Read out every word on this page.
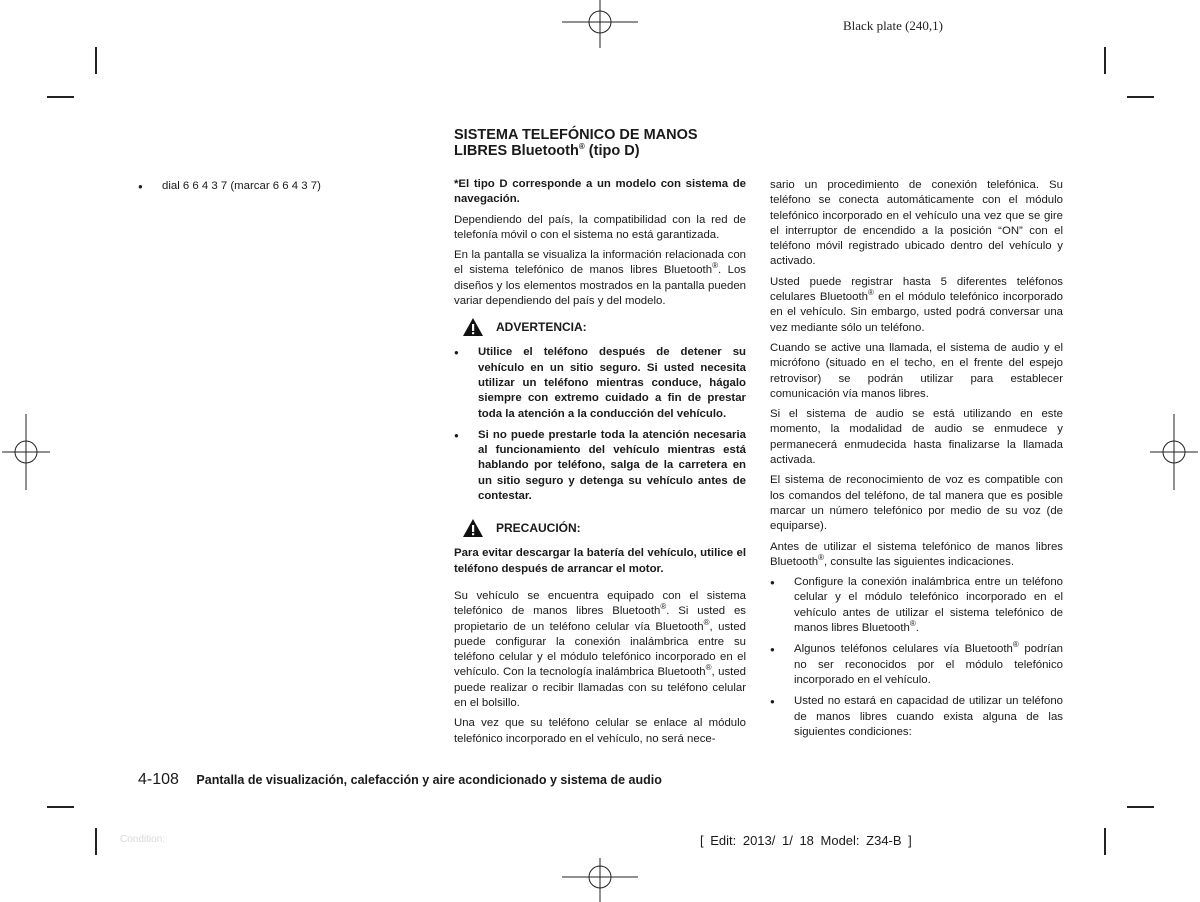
Black plate (240,1)
● dial 6 6 4 3 7 (marcar 6 6 4 3 7)
SISTEMA TELEFÓNICO DE MANOS
LIBRES Bluetooth® (tipo D)

*El tipo D corresponde a un modelo con sistema de navegación.

Dependiendo del país, la compatibilidad con la red de telefonía móvil o con el sistema no está garantizada.

En la pantalla se visualiza la información relacionada con el sistema telefónico de manos libres Bluetooth®. Los diseños y los elementos mostrados en la pantalla pueden variar dependiendo del país y del modelo.

ADVERTENCIA:
● Utilice el teléfono después de detener su vehículo en un sitio seguro. Si usted necesita utilizar un teléfono mientras conduce, hágalo siempre con extremo cuidado a fin de prestar toda la atención a la conducción del vehículo.
● Si no puede prestarle toda la atención necesaria al funcionamiento del vehículo mientras está hablando por teléfono, salga de la carretera en un sitio seguro y detenga su vehículo antes de contestar.
PRECAUCIÓN:

Para evitar descargar la batería del vehículo, utilice el teléfono después de arrancar el motor.

Su vehículo se encuentra equipado con el sistema telefónico de manos libres Bluetooth®. Si usted es propietario de un teléfono celular vía Bluetooth®, usted puede configurar la conexión inalámbrica entre su teléfono celular y el módulo telefónico incorporado en el vehículo. Con la tecnología inalámbrica Bluetooth®, usted puede realizar o recibir llamadas con su teléfono celular en el bolsillo.

Una vez que su teléfono celular se enlace al módulo telefónico incorporado en el vehículo, no será nece-

sario un procedimiento de conexión telefónica. Su teléfono se conecta automáticamente con el módulo telefónico incorporado en el vehículo una vez que se gire el interruptor de encendido a la posición “ON” con el teléfono móvil registrado ubicado dentro del vehículo y activado.

Usted puede registrar hasta 5 diferentes teléfonos celulares Bluetooth® en el módulo telefónico incorporado en el vehículo. Sin embargo, usted podrá conversar una vez mediante sólo un teléfono.

Cuando se active una llamada, el sistema de audio y el micrófono (situado en el techo, en el frente del espejo retrovisor) se podrán utilizar para establecer comunicación vía manos libres.

Si el sistema de audio se está utilizando en este momento, la modalidad de audio se enmudece y permanecerá enmudecida hasta finalizarse la llamada activada.

El sistema de reconocimiento de voz es compatible con los comandos del teléfono, de tal manera que es posible marcar un número telefónico por medio de su voz (de equiparse).

Antes de utilizar el sistema telefónico de manos libres Bluetooth®, consulte las siguientes indicaciones.

● Configure la conexión inalámbrica entre un teléfono celular y el módulo telefónico incorporado en el vehículo antes de utilizar el sistema telefónico de manos libres Bluetooth®.
● Algunos teléfonos celulares vía Bluetooth® podrían no ser reconocidos por el módulo telefónico incorporado en el vehículo.
● Usted no estará en capacidad de utilizar un teléfono de manos libres cuando exista alguna de las siguientes condiciones:
4-108 Pantalla de visualización, calefacción y aire acondicionado y sistema de audio
Condition:	[ Edit: 2013/ 1/ 18 Model: Z34-B ]
